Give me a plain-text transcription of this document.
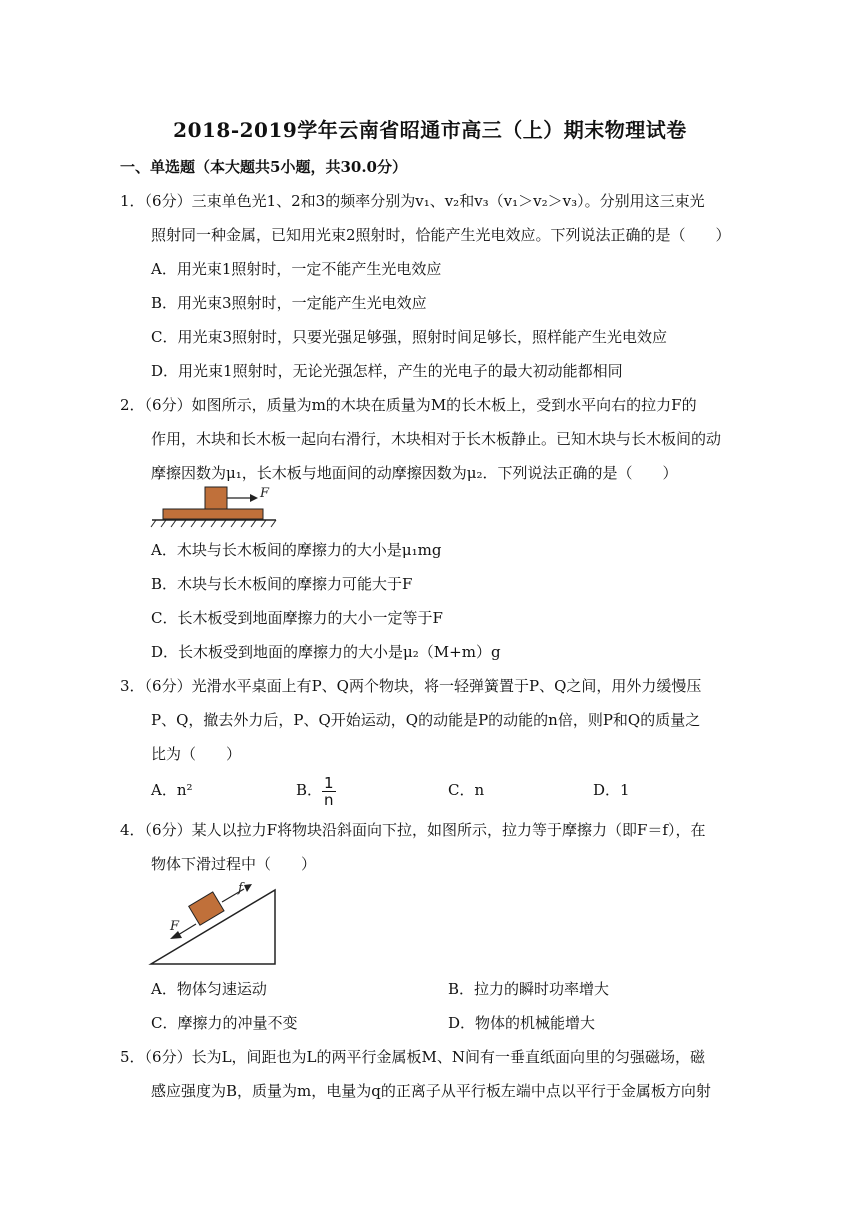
2018-2019学年云南省昭通市高三（上）期末物理试卷
一、单选题（本大题共5小题，共30.0分）
1．（6分）三束单色光1、2和3的频率分别为v₁、v₂和v₃（v₁＞v₂＞v₃）。分别用这三束光
照射同一种金属，已知用光束2照射时，恰能产生光电效应。下列说法正确的是（　　）
A．用光束1照射时，一定不能产生光电效应
B．用光束3照射时，一定能产生光电效应
C．用光束3照射时，只要光强足够强，照射时间足够长，照样能产生光电效应
D．用光束1照射时，无论光强怎样，产生的光电子的最大初动能都相同
2．（6分）如图所示，质量为m的木块在质量为M的长木板上，受到水平向右的拉力F的
作用，木块和长木板一起向右滑行，木块相对于长木板静止。已知木块与长木板间的动
摩擦因数为μ₁，长木板与地面间的动摩擦因数为μ₂．下列说法正确的是（　　）
F
A．木块与长木板间的摩擦力的大小是μ₁mg
B．木块与长木板间的摩擦力可能大于F
C．长木板受到地面摩擦力的大小一定等于F
D．长木板受到地面的摩擦力的大小是μ₂（M+m）g
3．（6分）光滑水平桌面上有P、Q两个物块，将一轻弹簧置于P、Q之间，用外力缓慢压
P、Q，撤去外力后，P、Q开始运动，Q的动能是P的动能的n倍，则P和Q的质量之
比为（　　）
A．n²	B． $\frac{1}{n}$	C．n	D．1
4．（6分）某人以拉力F将物块沿斜面向下拉，如图所示，拉力等于摩擦力（即F＝f），在
物体下滑过程中（　　）
f
F
A．物体匀速运动	B．拉力的瞬时功率增大
C．摩擦力的冲量不变	D．物体的机械能增大
5．（6分）长为L，间距也为L的两平行金属板M、N间有一垂直纸面向里的匀强磁场，磁
感应强度为B，质量为m，电量为q的正离子从平行板左端中点以平行于金属板方向射
